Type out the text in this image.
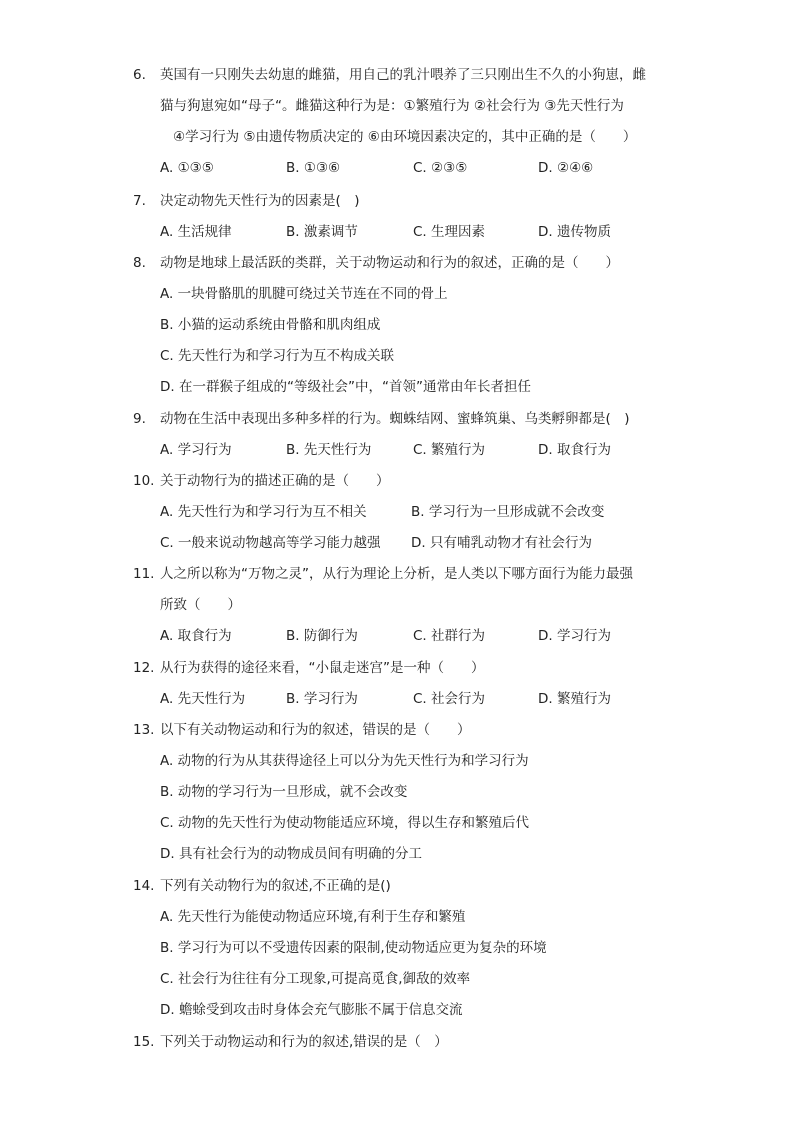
6. 英国有一只刚失去幼崽的雌猫，用自己的乳汁喂养了三只刚出生不久的小狗崽，雌
猫与狗崽宛如“母子“。雌猫这种行为是：①繁殖行为 ②社会行为 ③先天性行为
④学习行为 ⑤由遗传物质决定的 ⑥由环境因素决定的，其中正确的是（　　）
A. ①③⑤	B. ①③⑥	C. ②③⑤	D. ②④⑥
7. 决定动物先天性行为的因素是(　)
A. 生活规律	B. 激素调节	C. 生理因素	D. 遗传物质
8. 动物是地球上最活跃的类群，关于动物运动和行为的叙述，正确的是（　　）
A. 一块骨骼肌的肌腱可绕过关节连在不同的骨上
B. 小猫的运动系统由骨骼和肌肉组成
C. 先天性行为和学习行为互不构成关联
D. 在一群猴子组成的“等级社会”中，“首领”通常由年长者担任
9. 动物在生活中表现出多种多样的行为。蜘蛛结网、蜜蜂筑巢、乌类孵卵都是(　)
A. 学习行为	B. 先天性行为	C. 繁殖行为	D. 取食行为
10. 关于动物行为的描述正确的是（　　）
A. 先天性行为和学习行为互不相关	B. 学习行为一旦形成就不会改变
C. 一般来说动物越高等学习能力越强 D. 只有哺乳动物才有社会行为
11. 人之所以称为“万物之灵”，从行为理论上分析，是人类以下哪方面行为能力最强
所致（　　）
A. 取食行为	B. 防御行为	C. 社群行为	D. 学习行为
12. 从行为获得的途径来看，“小鼠走迷宫”是一种（　　）
A. 先天性行为	B. 学习行为	C. 社会行为	D. 繁殖行为
13. 以下有关动物运动和行为的叙述，错误的是（　　）
A. 动物的行为从其获得途径上可以分为先天性行为和学习行为
B. 动物的学习行为一旦形成，就不会改变
C. 动物的先天性行为使动物能适应环境，得以生存和繁殖后代
D. 具有社会行为的动物成员间有明确的分工
14. 下列有关动物行为的叙述,不正确的是()
A. 先天性行为能使动物适应环境,有利于生存和繁殖
B. 学习行为可以不受遗传因素的限制,使动物适应更为复杂的环境
C. 社会行为往往有分工现象,可提高觅食,御敌的效率
D. 蟾蜍受到攻击时身体会充气膨胀不属于信息交流
15. 下列关于动物运动和行为的叙述,错误的是（　）
